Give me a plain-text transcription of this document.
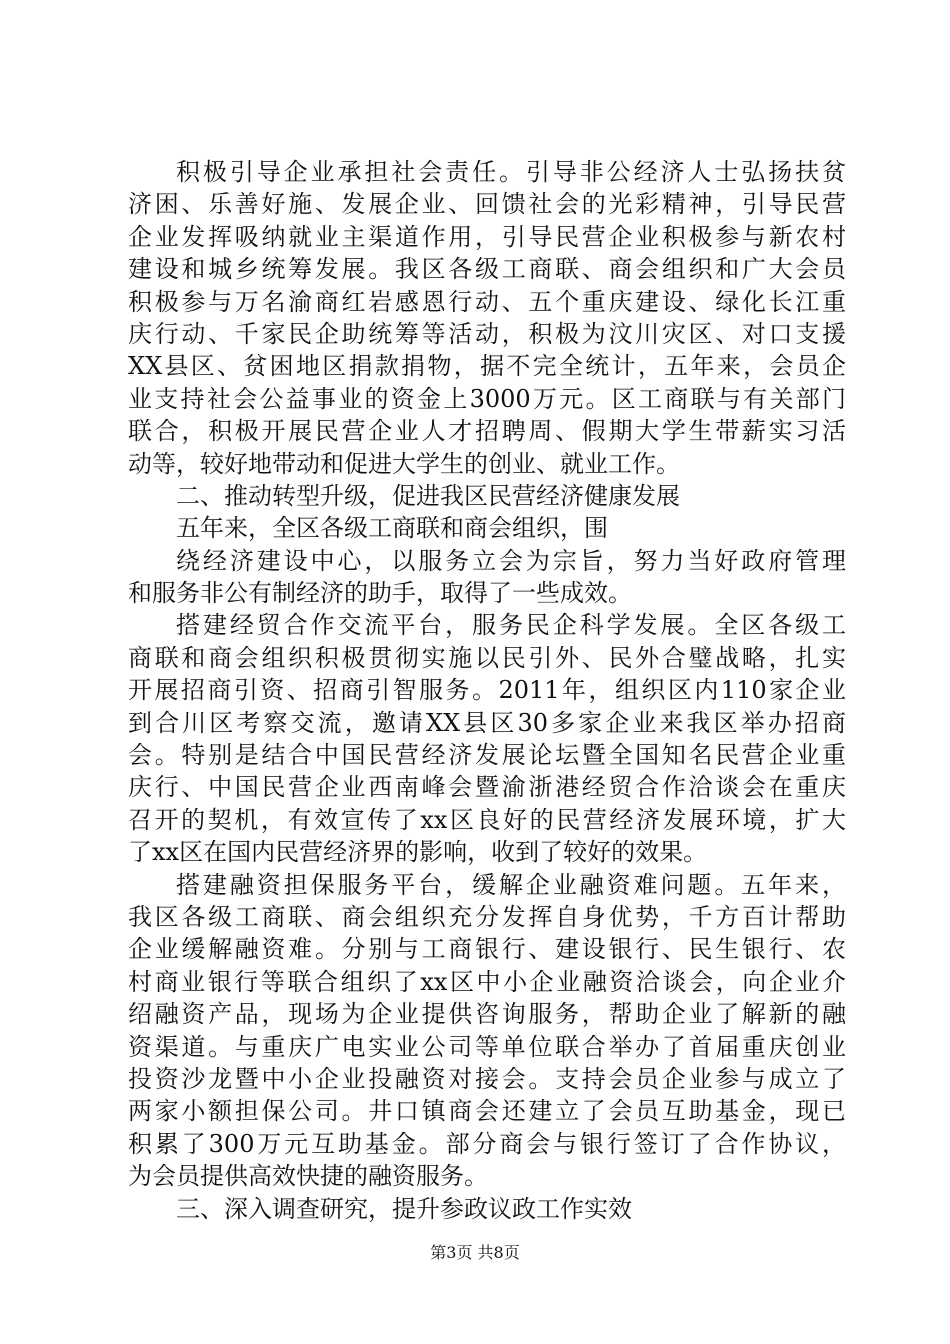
积极引导企业承担社会责任。引导非公经济人士弘扬扶贫
济困、乐善好施、发展企业、回馈社会的光彩精神，引导民营
企业发挥吸纳就业主渠道作用，引导民营企业积极参与新农村
建设和城乡统筹发展。我区各级工商联、商会组织和广大会员
积极参与万名渝商红岩感恩行动、五个重庆建设、绿化长江重
庆行动、千家民企助统筹等活动，积极为汶川灾区、对口支援
XX县区、贫困地区捐款捐物，据不完全统计，五年来，会员企
业支持社会公益事业的资金上3000万元。区工商联与有关部门
联合，积极开展民营企业人才招聘周、假期大学生带薪实习活
动等，较好地带动和促进大学生的创业、就业工作。
二、推动转型升级，促进我区民营经济健康发展
五年来，全区各级工商联和商会组织，围
绕经济建设中心，以服务立会为宗旨，努力当好政府管理
和服务非公有制经济的助手，取得了一些成效。
搭建经贸合作交流平台，服务民企科学发展。全区各级工
商联和商会组织积极贯彻实施以民引外、民外合璧战略，扎实
开展招商引资、招商引智服务。2011年，组织区内110家企业
到合川区考察交流，邀请XX县区30多家企业来我区举办招商
会。特别是结合中国民营经济发展论坛暨全国知名民营企业重
庆行、中国民营企业西南峰会暨渝浙港经贸合作洽谈会在重庆
召开的契机，有效宣传了xx区良好的民营经济发展环境，扩大
了xx区在国内民营经济界的影响，收到了较好的效果。
搭建融资担保服务平台，缓解企业融资难问题。五年来，
我区各级工商联、商会组织充分发挥自身优势，千方百计帮助
企业缓解融资难。分别与工商银行、建设银行、民生银行、农
村商业银行等联合组织了xx区中小企业融资洽谈会，向企业介
绍融资产品，现场为企业提供咨询服务，帮助企业了解新的融
资渠道。与重庆广电实业公司等单位联合举办了首届重庆创业
投资沙龙暨中小企业投融资对接会。支持会员企业参与成立了
两家小额担保公司。井口镇商会还建立了会员互助基金，现已
积累了300万元互助基金。部分商会与银行签订了合作协议，
为会员提供高效快捷的融资服务。
三、深入调查研究，提升参政议政工作实效
第3页 共8页
